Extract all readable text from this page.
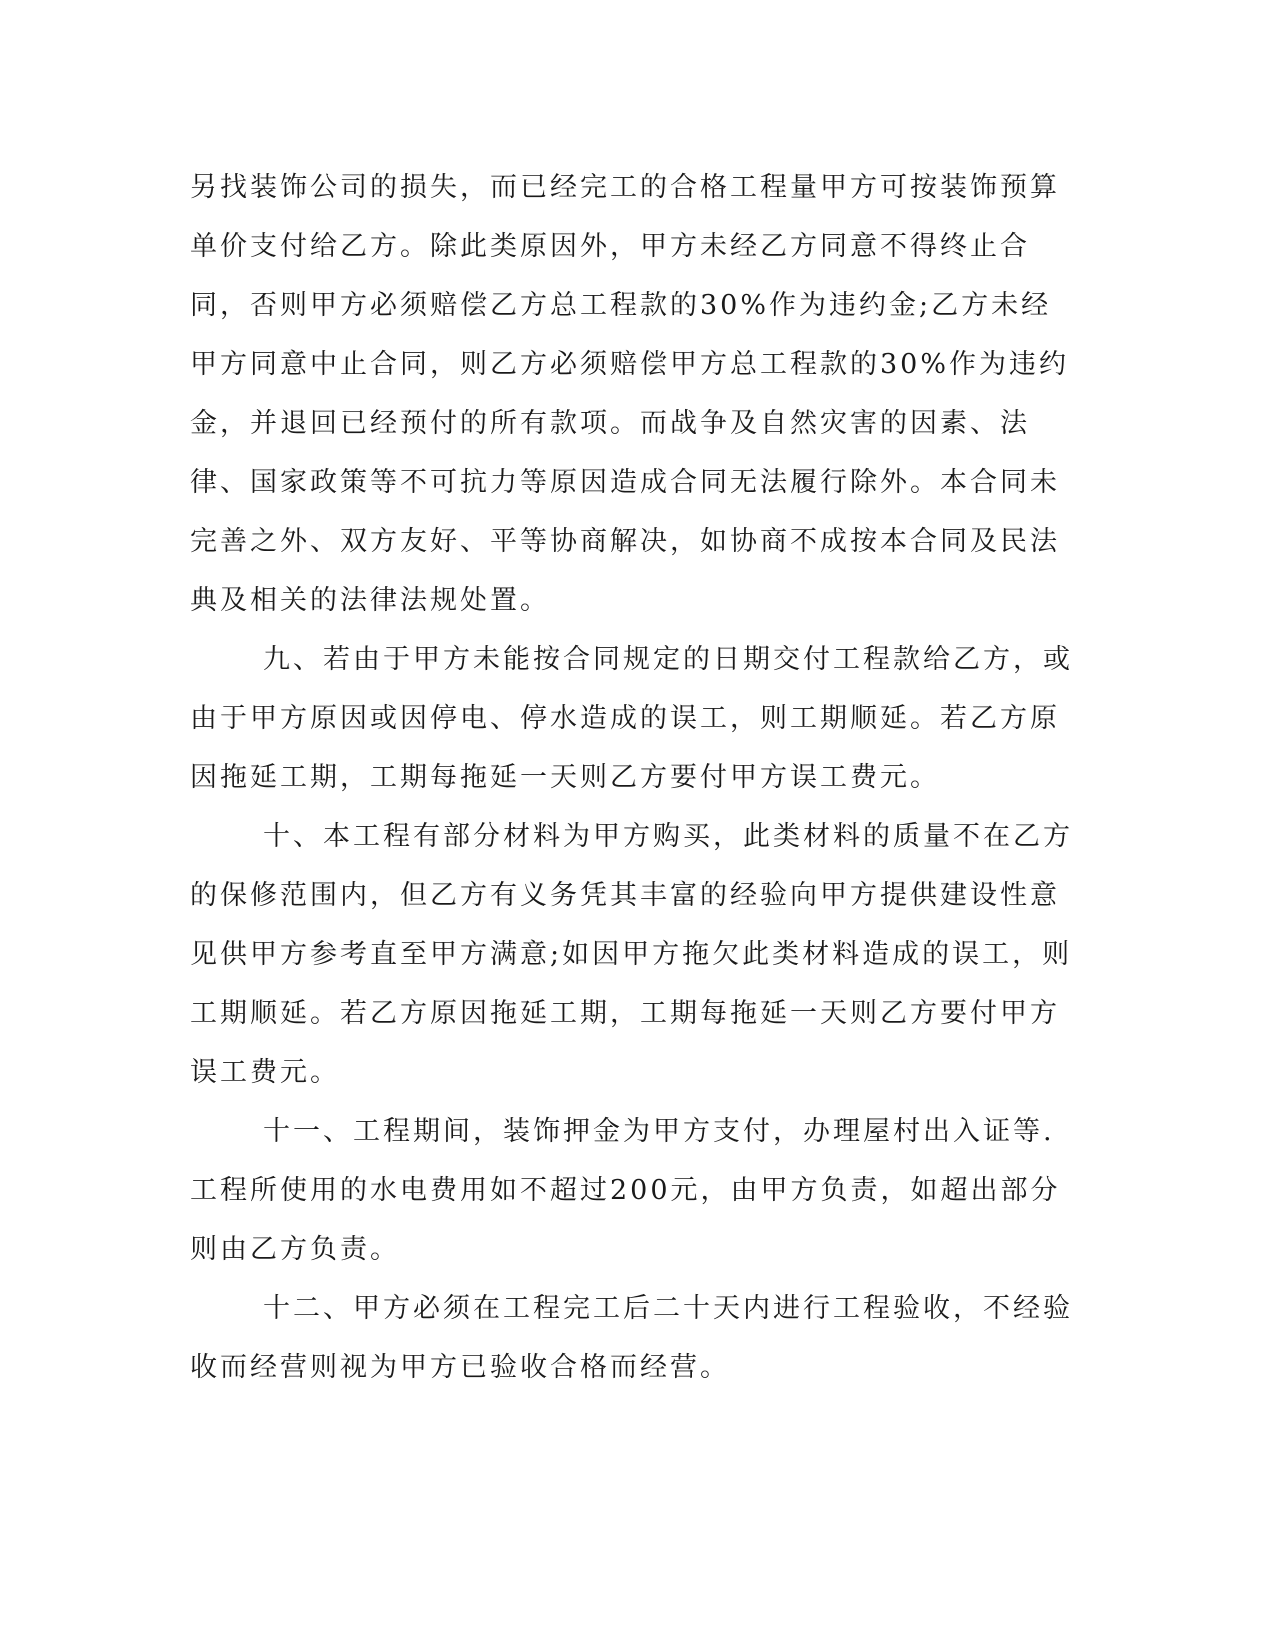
另找装饰公司的损失，而已经完工的合格工程量甲方可按装饰预算单价支付给乙方。除此类原因外，甲方未经乙方同意不得终止合同，否则甲方必须赔偿乙方总工程款的30%作为违约金;乙方未经甲方同意中止合同，则乙方必须赔偿甲方总工程款的30%作为违约金，并退回已经预付的所有款项。而战争及自然灾害的因素、法律、国家政策等不可抗力等原因造成合同无法履行除外。本合同未完善之外、双方友好、平等协商解决，如协商不成按本合同及民法典及相关的法律法规处置。

九、若由于甲方未能按合同规定的日期交付工程款给乙方，或由于甲方原因或因停电、停水造成的误工，则工期顺延。若乙方原因拖延工期，工期每拖延一天则乙方要付甲方误工费元。

十、本工程有部分材料为甲方购买，此类材料的质量不在乙方的保修范围内，但乙方有义务凭其丰富的经验向甲方提供建设性意见供甲方参考直至甲方满意;如因甲方拖欠此类材料造成的误工，则工期顺延。若乙方原因拖延工期，工期每拖延一天则乙方要付甲方误工费元。

十一、工程期间，装饰押金为甲方支付，办理屋村出入证等.工程所使用的水电费用如不超过200元，由甲方负责，如超出部分则由乙方负责。

十二、甲方必须在工程完工后二十天内进行工程验收，不经验收而经营则视为甲方已验收合格而经营。
